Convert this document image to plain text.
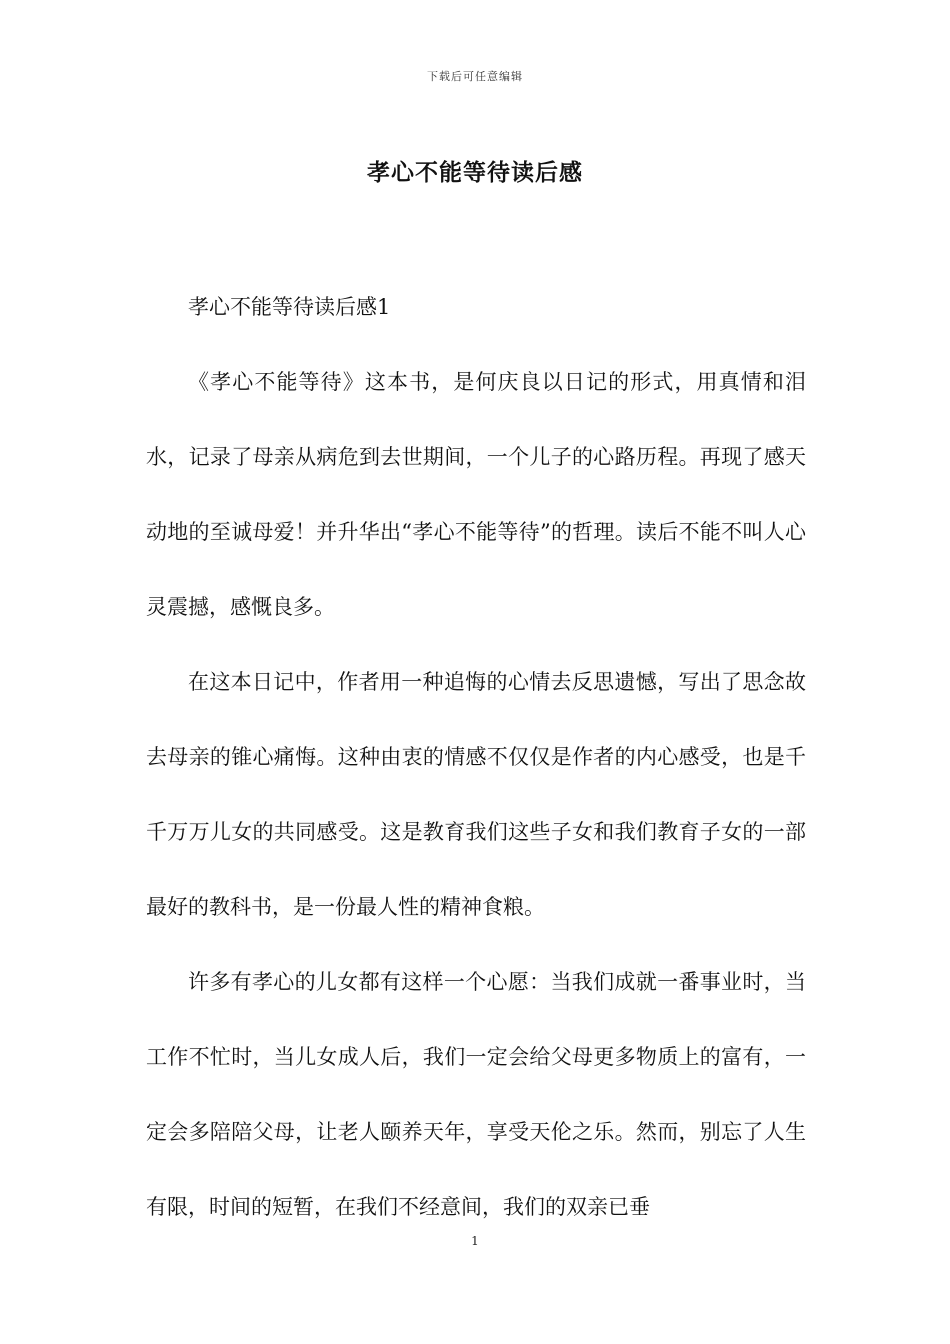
下载后可任意编辑
孝心不能等待读后感

孝心不能等待读后感1

《孝心不能等待》这本书，是何庆良以日记的形式，用真情和泪水，记录了母亲从病危到去世期间，一个儿子的心路历程。再现了感天动地的至诚母爱！并升华出“孝心不能等待”的哲理。读后不能不叫人心灵震撼，感慨良多。

在这本日记中，作者用一种追悔的心情去反思遗憾，写出了思念故去母亲的锥心痛悔。这种由衷的情感不仅仅是作者的内心感受，也是千千万万儿女的共同感受。这是教育我们这些子女和我们教育子女的一部最好的教科书，是一份最人性的精神食粮。

许多有孝心的儿女都有这样一个心愿：当我们成就一番事业时，当工作不忙时，当儿女成人后，我们一定会给父母更多物质上的富有，一定会多陪陪父母，让老人颐养天年，享受天伦之乐。然而，别忘了人生有限，时间的短暂，在我们不经意间，我们的双亲已垂

1
